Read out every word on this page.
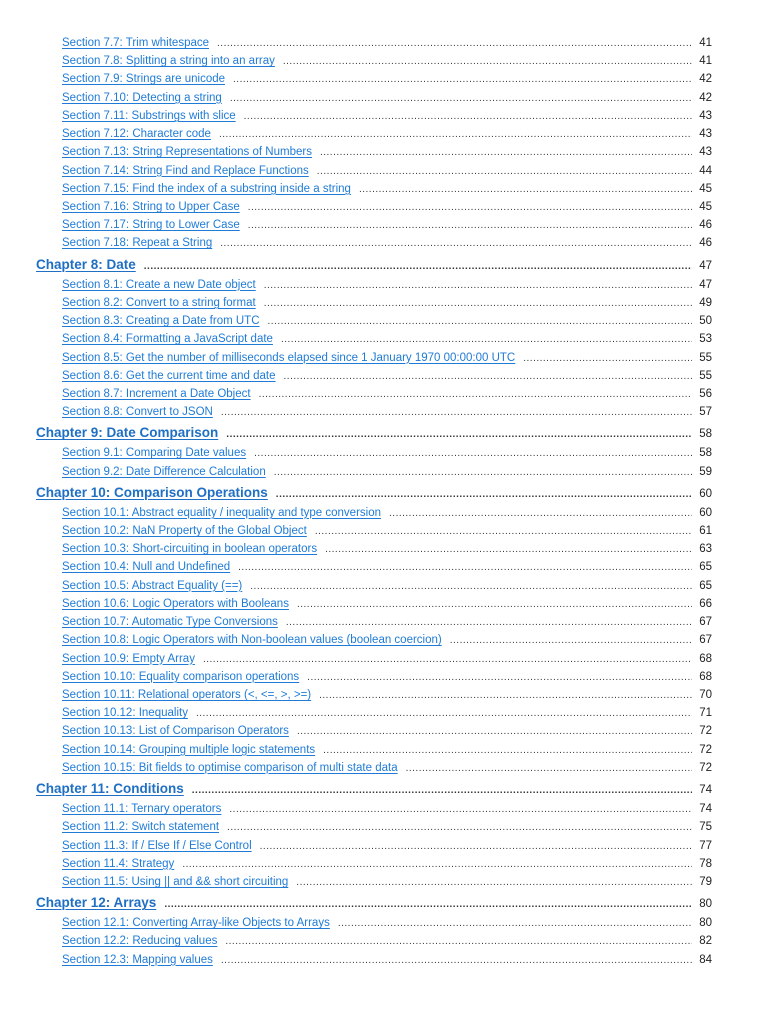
Section 7.7: Trim whitespace .....	41
Section 7.8: Splitting a string into an array .....	41
Section 7.9: Strings are unicode .....	42
Section 7.10: Detecting a string .....	42
Section 7.11: Substrings with slice .....	43
Section 7.12: Character code .....	43
Section 7.13: String Representations of Numbers .....	43
Section 7.14: String Find and Replace Functions .....	44
Section 7.15: Find the index of a substring inside a string .....	45
Section 7.16: String to Upper Case .....	45
Section 7.17: String to Lower Case .....	46
Section 7.18: Repeat a String .....	46
Chapter 8: Date .....	47
Section 8.1: Create a new Date object .....	47
Section 8.2: Convert to a string format .....	49
Section 8.3: Creating a Date from UTC .....	50
Section 8.4: Formatting a JavaScript date .....	53
Section 8.5: Get the number of milliseconds elapsed since 1 January 1970 00:00:00 UTC .....	55
Section 8.6: Get the current time and date .....	55
Section 8.7: Increment a Date Object .....	56
Section 8.8: Convert to JSON .....	57
Chapter 9: Date Comparison .....	58
Section 9.1: Comparing Date values .....	58
Section 9.2: Date Difference Calculation .....	59
Chapter 10: Comparison Operations .....	60
Section 10.1: Abstract equality / inequality and type conversion .....	60
Section 10.2: NaN Property of the Global Object .....	61
Section 10.3: Short-circuiting in boolean operators .....	63
Section 10.4: Null and Undefined .....	65
Section 10.5: Abstract Equality (==) .....	65
Section 10.6: Logic Operators with Booleans .....	66
Section 10.7: Automatic Type Conversions .....	67
Section 10.8: Logic Operators with Non-boolean values (boolean coercion) .....	67
Section 10.9: Empty Array .....	68
Section 10.10: Equality comparison operations .....	68
Section 10.11: Relational operators (<, <=, >, >=) .....	70
Section 10.12: Inequality .....	71
Section 10.13: List of Comparison Operators .....	72
Section 10.14: Grouping multiple logic statements .....	72
Section 10.15: Bit fields to optimise comparison of multi state data .....	72
Chapter 11: Conditions .....	74
Section 11.1: Ternary operators .....	74
Section 11.2: Switch statement .....	75
Section 11.3: If / Else If / Else Control .....	77
Section 11.4: Strategy .....	78
Section 11.5: Using || and && short circuiting .....	79
Chapter 12: Arrays .....	80
Section 12.1: Converting Array-like Objects to Arrays .....	80
Section 12.2: Reducing values .....	82
Section 12.3: Mapping values .....	84
